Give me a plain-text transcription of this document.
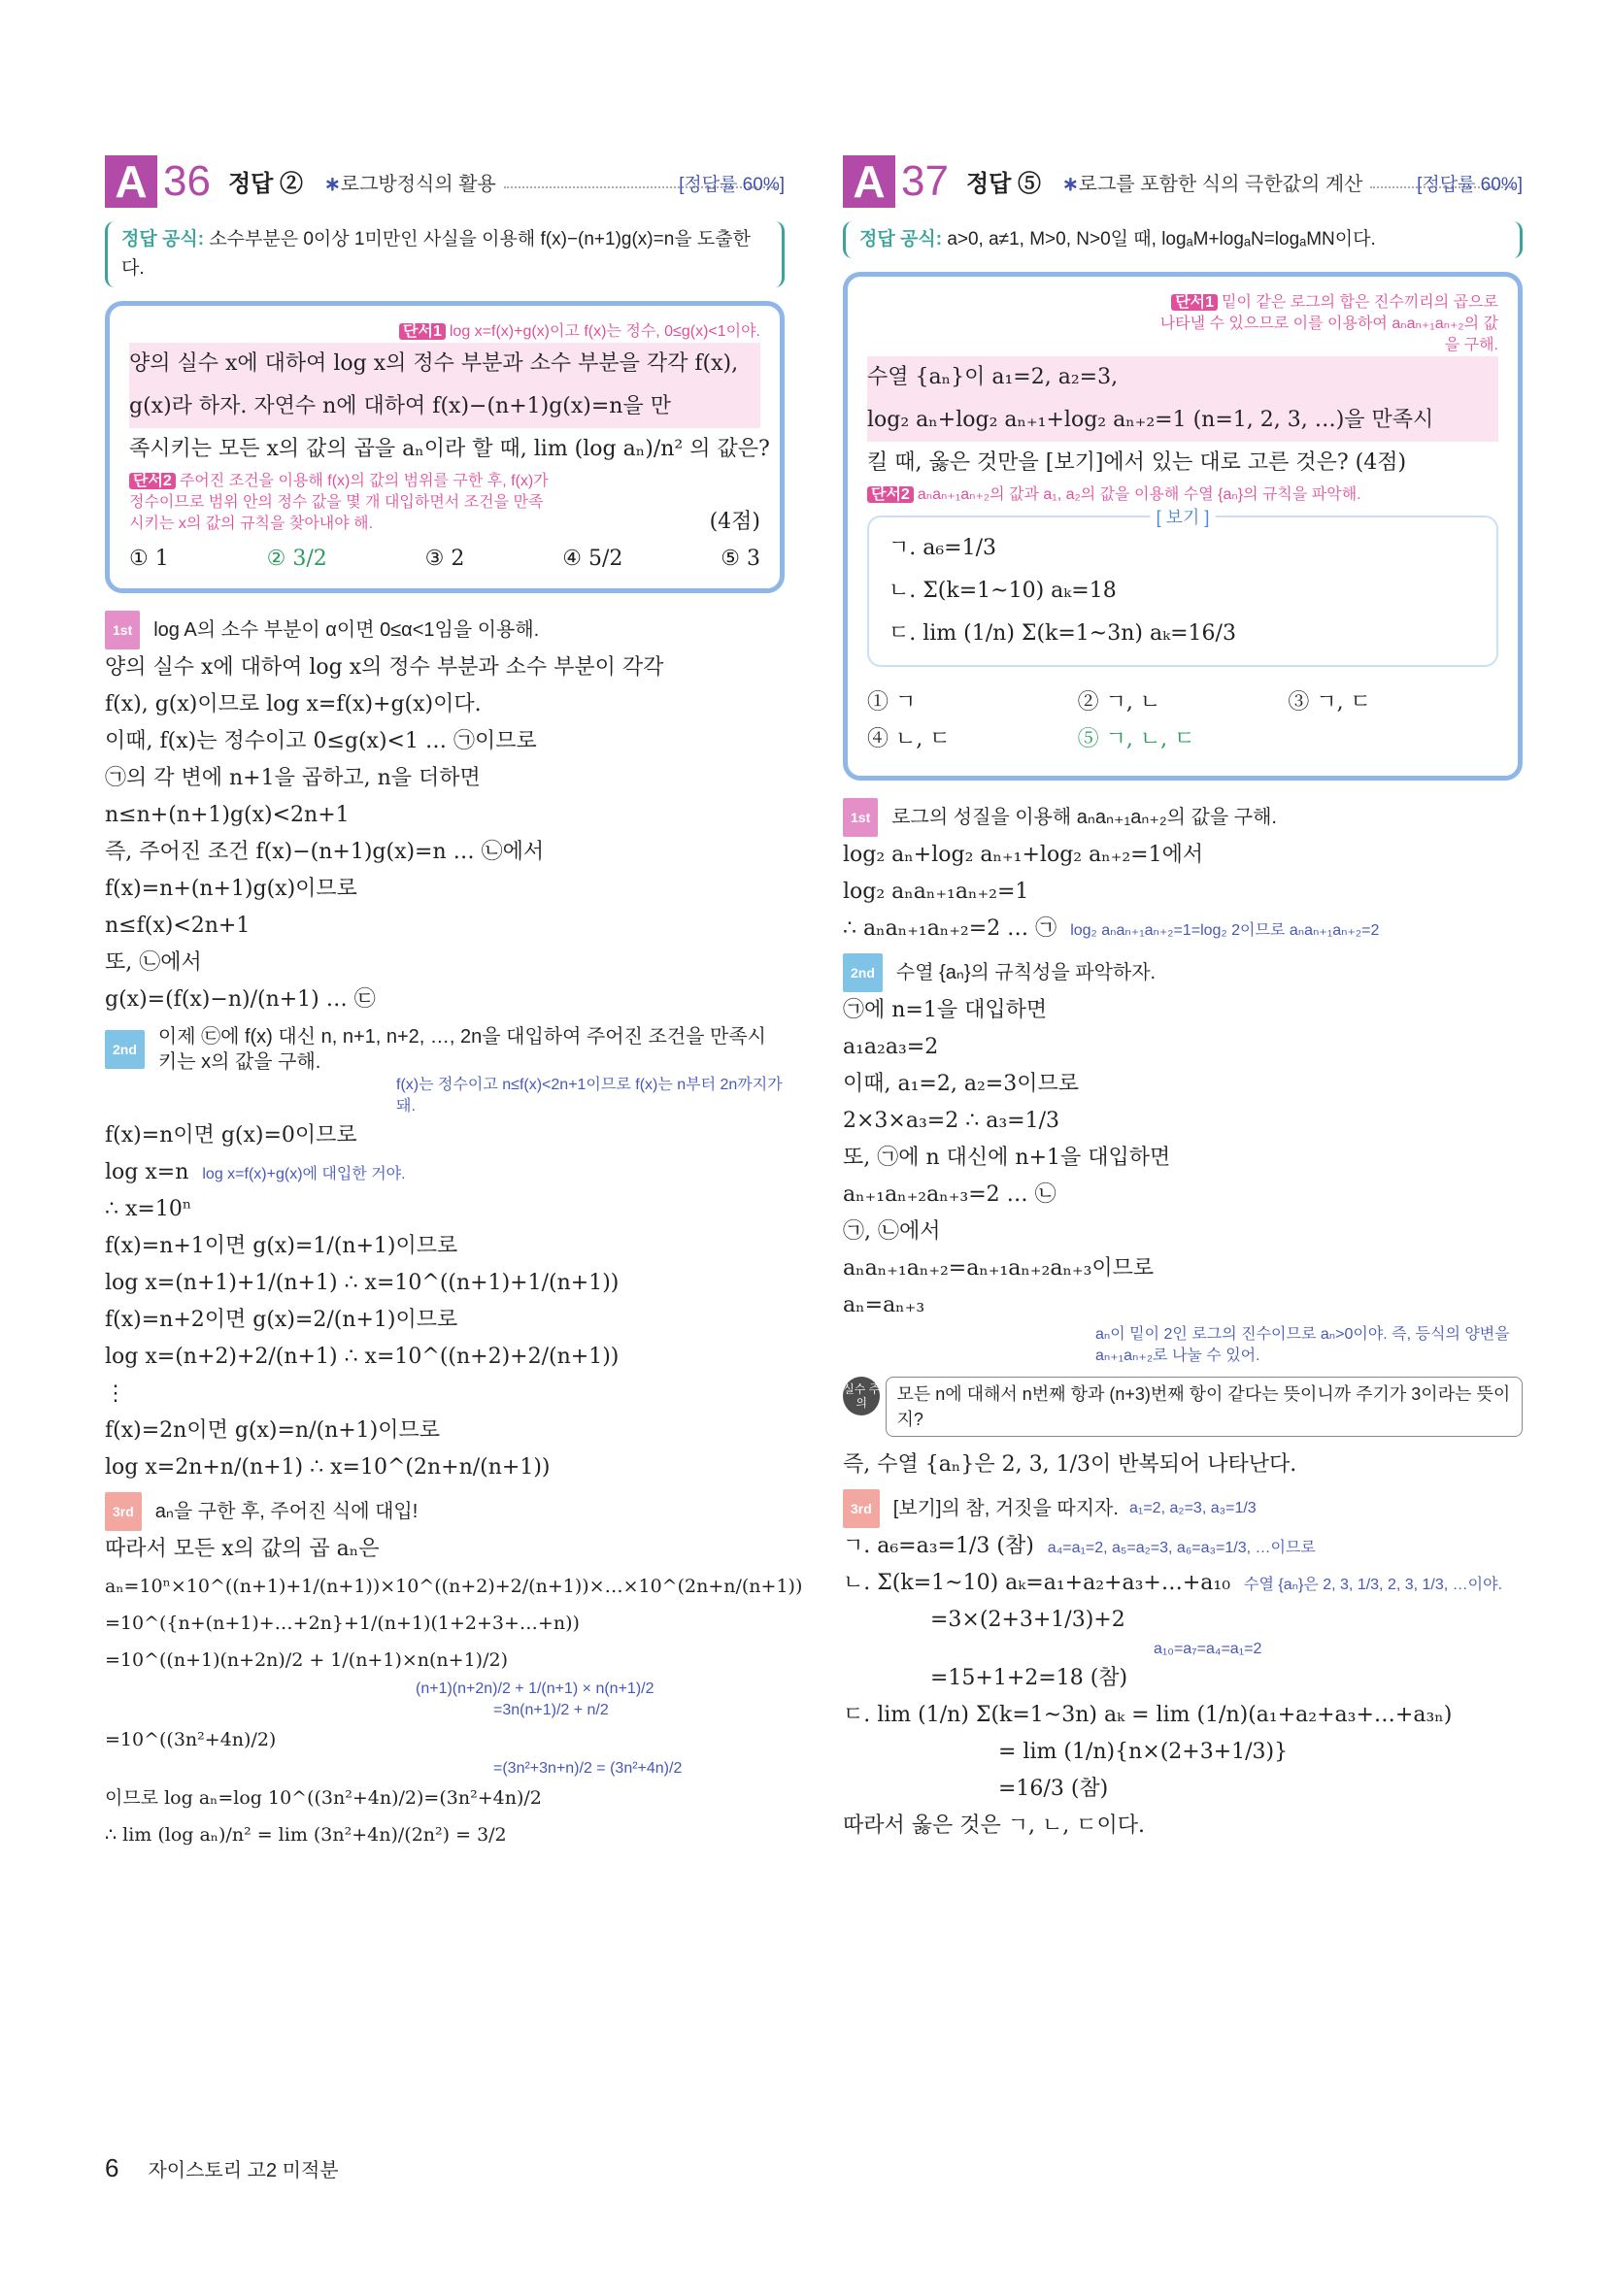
A 36 정답 ② ∗로그방정식의 활용	[정답률 60%]
정답 공식: 소수부분은 0이상 1미만인 사실을 이용해 f(x)−(n+1)g(x)=n을 도출한다.
단서1 log x=f(x)+g(x)이고 f(x)는 정수, 0≤g(x)<1이야.
양의 실수 x에 대하여 log x의 정수 부분과 소수 부분을 각각 f(x),
g(x)라 하자. 자연수 n에 대하여 f(x)−(n+1)g(x)=n을 만
족시키는 모든 x의 값의 곱을 aₙ이라 할 때, lim (log aₙ)/n² 의 값은?
단서2 주어진 조건을 이용해 f(x)의 값의 범위를 구한 후, f(x)가 정수이므로 범위 안의 정수 값을 몇 개 대입하면서 조건을 만족시키는 x의 값의 규칙을 찾아내야 해.	(4점)
① 1	② 3/2	③ 2	④ 5/2	⑤ 3
1st	log A의 소수 부분이 α이면 0≤α<1임을 이용해.
양의 실수 x에 대하여 log x의 정수 부분과 소수 부분이 각각
f(x), g(x)이므로 log x=f(x)+g(x)이다.
이때, f(x)는 정수이고 0≤g(x)<1 … ㉠이므로
㉠의 각 변에 n+1을 곱하고, n을 더하면
n≤n+(n+1)g(x)<2n+1
즉, 주어진 조건 f(x)−(n+1)g(x)=n … ㉡에서
f(x)=n+(n+1)g(x)이므로
n≤f(x)<2n+1
또, ㉡에서
g(x)=(f(x)−n)/(n+1) … ㉢
2nd
이제 ㉢에 f(x) 대신 n, n+1, n+2, …, 2n을 대입하여 주어진 조건을 만족시키는 x의 값을 구해.
f(x)는 정수이고 n≤f(x)<2n+1이므로 f(x)는 n부터 2n까지가 돼.
f(x)=n이면 g(x)=0이므로
log x=n log x=f(x)+g(x)에 대입한 거야.
∴ x=10ⁿ
f(x)=n+1이면 g(x)=1/(n+1)이므로
log x=(n+1)+1/(n+1) ∴ x=10^((n+1)+1/(n+1))
f(x)=n+2이면 g(x)=2/(n+1)이므로
log x=(n+2)+2/(n+1) ∴ x=10^((n+2)+2/(n+1))
⋮
f(x)=2n이면 g(x)=n/(n+1)이므로
log x=2n+n/(n+1) ∴ x=10^(2n+n/(n+1))
3rd	aₙ을 구한 후, 주어진 식에 대입!
따라서 모든 x의 값의 곱 aₙ은
aₙ=10ⁿ×10^((n+1)+1/(n+1))×10^((n+2)+2/(n+1))×…×10^(2n+n/(n+1))
=10^({n+(n+1)+…+2n}+1/(n+1)(1+2+3+…+n))
=10^((n+1)(n+2n)/2 + 1/(n+1)×n(n+1)/2)
(n+1)(n+2n)/2 + 1/(n+1) × n(n+1)/2
=3n(n+1)/2 + n/2
=10^((3n²+4n)/2)
=(3n²+3n+n)/2 = (3n²+4n)/2
이므로 log aₙ=log 10^((3n²+4n)/2)=(3n²+4n)/2
∴ lim (log aₙ)/n² = lim (3n²+4n)/(2n²) = 3/2
A 37 정답 ⑤ ∗로그를 포함한 식의 극한값의 계산	[정답률 60%]
정답 공식: a>0, a≠1, M>0, N>0일 때, logₐM+logₐN=logₐMN이다.
단서1 밑이 같은 로그의 합은 진수끼리의 곱으로 나타낼 수 있으므로 이를 이용하여 aₙaₙ₊₁aₙ₊₂의 값을 구해.
수열 {aₙ}이 a₁=2, a₂=3,
log₂ aₙ+log₂ aₙ₊₁+log₂ aₙ₊₂=1 (n=1, 2, 3, …)을 만족시
킬 때, 옳은 것만을 [보기]에서 있는 대로 고른 것은? (4점)
단서2 aₙaₙ₊₁aₙ₊₂의 값과 a₁, a₂의 값을 이용해 수열 {aₙ}의 규칙을 파악해.
[ 보기 ]
ㄱ. a₆=1/3
ㄴ. Σ(k=1~10) aₖ=18
ㄷ. lim (1/n) Σ(k=1~3n) aₖ=16/3
① ㄱ	② ㄱ, ㄴ	③ ㄱ, ㄷ
④ ㄴ, ㄷ	⑤ ㄱ, ㄴ, ㄷ
1st	로그의 성질을 이용해 aₙaₙ₊₁aₙ₊₂의 값을 구해.
log₂ aₙ+log₂ aₙ₊₁+log₂ aₙ₊₂=1에서
log₂ aₙaₙ₊₁aₙ₊₂=1
∴ aₙaₙ₊₁aₙ₊₂=2 … ㉠ log₂ aₙaₙ₊₁aₙ₊₂=1=log₂ 2이므로 aₙaₙ₊₁aₙ₊₂=2
2nd	수열 {aₙ}의 규칙성을 파악하자.
㉠에 n=1을 대입하면
a₁a₂a₃=2
이때, a₁=2, a₂=3이므로
2×3×a₃=2 ∴ a₃=1/3
또, ㉠에 n 대신에 n+1을 대입하면
aₙ₊₁aₙ₊₂aₙ₊₃=2 … ㉡
㉠, ㉡에서
aₙaₙ₊₁aₙ₊₂=aₙ₊₁aₙ₊₂aₙ₊₃이므로
aₙ=aₙ₊₃
aₙ이 밑이 2인 로그의 진수이므로 aₙ>0이야. 즉, 등식의 양변을 aₙ₊₁aₙ₊₂로 나눌 수 있어.
실수 주의	모든 n에 대해서 n번째 항과 (n+3)번째 항이 같다는 뜻이니까 주기가 3이라는 뜻이지?
즉, 수열 {aₙ}은 2, 3, 1/3이 반복되어 나타난다.
3rd	[보기]의 참, 거짓을 따지자.
a₁=2, a₂=3, a₃=1/3
ㄱ. a₆=a₃=1/3 (참) a₄=a₁=2, a₅=a₂=3, a₆=a₃=1/3, …이므로
ㄴ. Σ(k=1~10) aₖ=a₁+a₂+a₃+…+a₁₀ 수열 {aₙ}은 2, 3, 1/3, 2, 3, 1/3, …이야.
=3×(2+3+1/3)+2
a₁₀=a₇=a₄=a₁=2
=15+1+2=18 (참)
ㄷ. lim (1/n) Σ(k=1~3n) aₖ = lim (1/n)(a₁+a₂+a₃+…+a₃ₙ)
= lim (1/n){n×(2+3+1/3)}
=16/3 (참)
따라서 옳은 것은 ㄱ, ㄴ, ㄷ이다.
6 자이스토리 고2 미적분
